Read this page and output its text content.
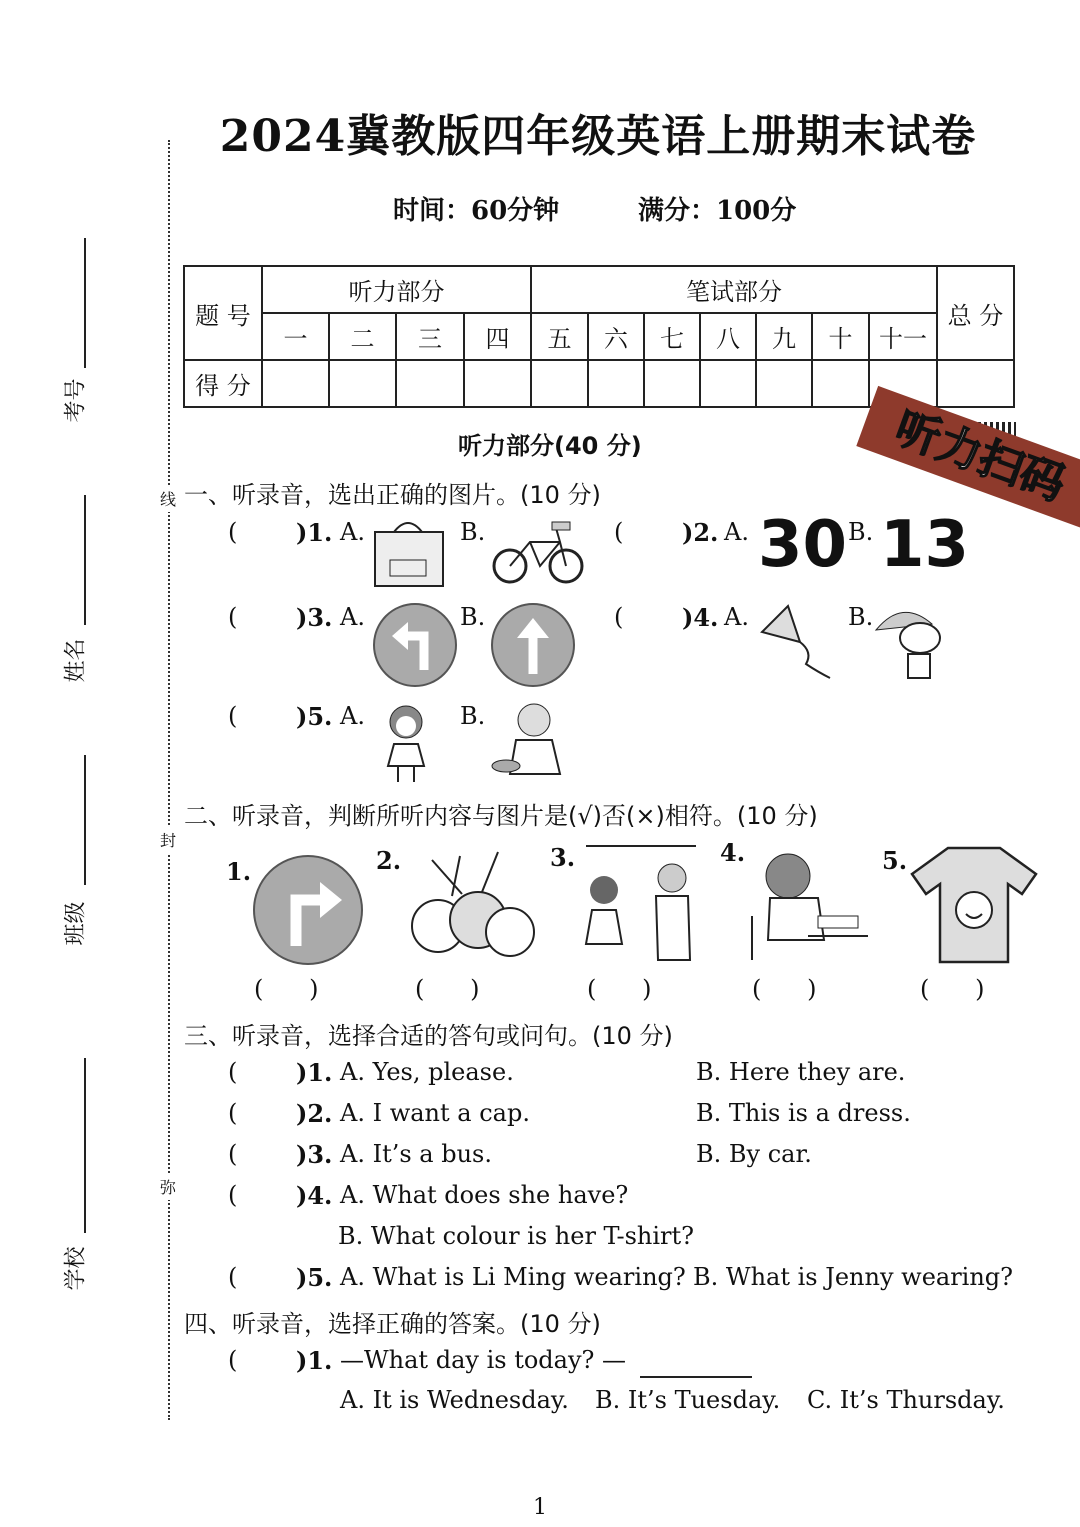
考号
姓名
班级
学校
线
封
弥
2024冀教版四年级英语上册期末试卷
时间：60分钟	满分：100分
题 号	听力部分				笔试部分							总 分
	一	二	三	四	五	六	七	八	九	十	十一	
得 分												
听力扫码
听力部分(40 分)
一、听录音，选出正确的图片。(10 分)
( )1. A.	B.	( )2. A. 30 B. 13
( )3. A.	B.	( )4. A.	B.
( )5. A.	B.
二、听录音，判断所听内容与图片是(√)否(×)相符。(10 分)
1.	2.	3.	4.	5.
(      )	(      )	(      )	(      )	(      )
三、听录音，选择合适的答句或问句。(10 分)
( )1. A. Yes, please.	B. Here they are.
( )2. A. I want a cap.	B. This is a dress.
( )3. A. It’s a bus.	B. By car.
( )4. A. What does she have?
B. What colour is her T-shirt?
( )5. A. What is Li Ming wearing? B. What is Jenny wearing?
四、听录音，选择正确的答案。(10 分)
( )1. —What day is today? —
A. It is Wednesday. B. It’s Tuesday. C. It’s Thursday.
1
